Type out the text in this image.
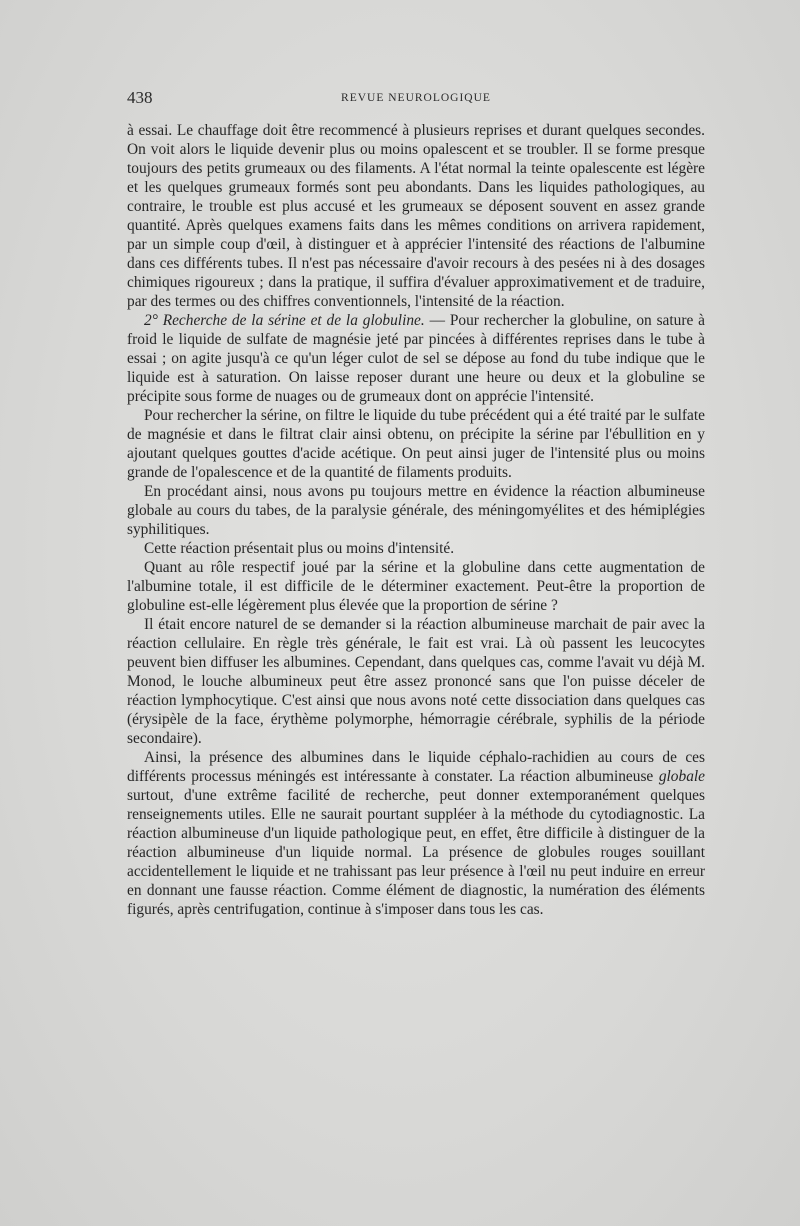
438	REVUE NEUROLOGIQUE

à essai. Le chauffage doit être recommencé à plusieurs reprises et durant quelques secondes. On voit alors le liquide devenir plus ou moins opalescent et se troubler. Il se forme presque toujours des petits grumeaux ou des filaments. A l'état normal la teinte opalescente est légère et les quelques grumeaux formés sont peu abondants. Dans les liquides pathologiques, au contraire, le trouble est plus accusé et les grumeaux se déposent souvent en assez grande quantité. Après quelques examens faits dans les mêmes conditions on arrivera rapidement, par un simple coup d'œil, à distinguer et à apprécier l'intensité des réactions de l'albumine dans ces différents tubes. Il n'est pas nécessaire d'avoir recours à des pesées ni à des dosages chimiques rigoureux ; dans la pratique, il suffira d'évaluer approximativement et de traduire, par des termes ou des chiffres conventionnels, l'intensité de la réaction.

2° Recherche de la sérine et de la globuline. — Pour rechercher la globuline, on sature à froid le liquide de sulfate de magnésie jeté par pincées à différentes reprises dans le tube à essai ; on agite jusqu'à ce qu'un léger culot de sel se dépose au fond du tube indique que le liquide est à saturation. On laisse reposer durant une heure ou deux et la globuline se précipite sous forme de nuages ou de grumeaux dont on apprécie l'intensité.

Pour rechercher la sérine, on filtre le liquide du tube précédent qui a été traité par le sulfate de magnésie et dans le filtrat clair ainsi obtenu, on précipite la sérine par l'ébullition en y ajoutant quelques gouttes d'acide acétique. On peut ainsi juger de l'intensité plus ou moins grande de l'opalescence et de la quantité de filaments produits.

En procédant ainsi, nous avons pu toujours mettre en évidence la réaction albumineuse globale au cours du tabes, de la paralysie générale, des méningomyélites et des hémiplégies syphilitiques.

Cette réaction présentait plus ou moins d'intensité.

Quant au rôle respectif joué par la sérine et la globuline dans cette augmentation de l'albumine totale, il est difficile de le déterminer exactement. Peut-être la proportion de globuline est-elle légèrement plus élevée que la proportion de sérine ?

Il était encore naturel de se demander si la réaction albumineuse marchait de pair avec la réaction cellulaire. En règle très générale, le fait est vrai. Là où passent les leucocytes peuvent bien diffuser les albumines. Cependant, dans quelques cas, comme l'avait vu déjà M. Monod, le louche albumineux peut être assez prononcé sans que l'on puisse déceler de réaction lymphocytique. C'est ainsi que nous avons noté cette dissociation dans quelques cas (érysipèle de la face, érythème polymorphe, hémorragie cérébrale, syphilis de la période secondaire).

Ainsi, la présence des albumines dans le liquide céphalo-rachidien au cours de ces différents processus méningés est intéressante à constater. La réaction albumineuse globale surtout, d'une extrême facilité de recherche, peut donner extemporanément quelques renseignements utiles. Elle ne saurait pourtant suppléer à la méthode du cytodiagnostic. La réaction albumineuse d'un liquide pathologique peut, en effet, être difficile à distinguer de la réaction albumineuse d'un liquide normal. La présence de globules rouges souillant accidentellement le liquide et ne trahissant pas leur présence à l'œil nu peut induire en erreur en donnant une fausse réaction. Comme élément de diagnostic, la numération des éléments figurés, après centrifugation, continue à s'imposer dans tous les cas.
